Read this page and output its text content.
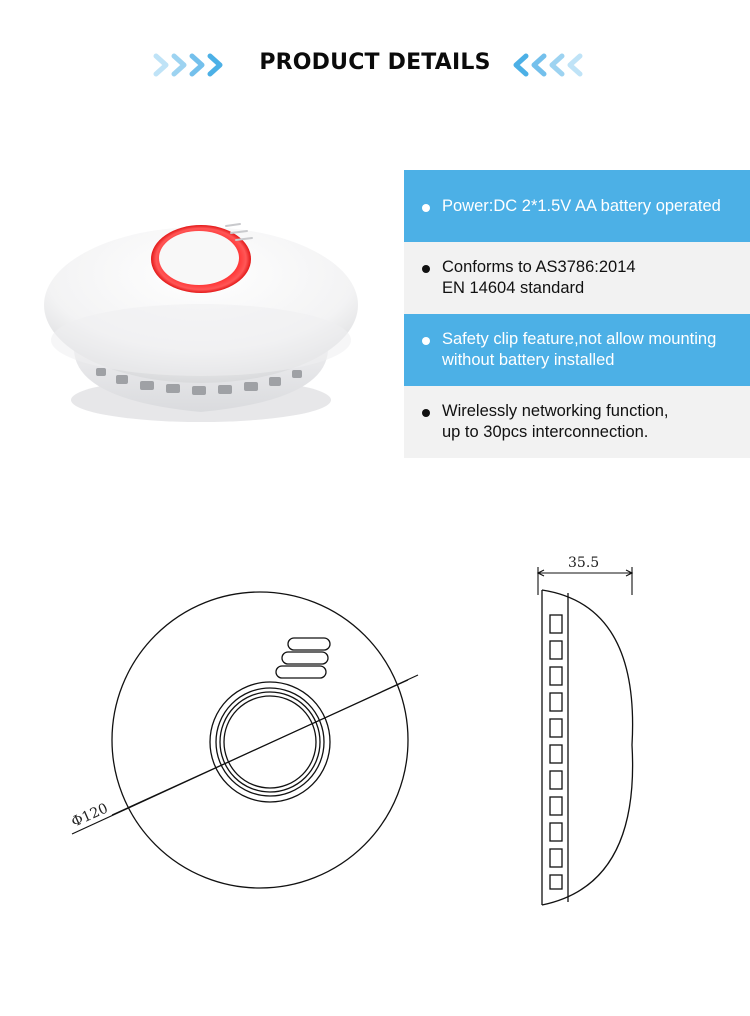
PRODUCT DETAILS
Power:DC 2*1.5V AA battery operated
Conforms to AS3786:2014
EN 14604 standard
Safety clip feature,not allow mounting
without battery installed
Wirelessly networking function,
up to 30pcs interconnection.
Φ120
35.5
